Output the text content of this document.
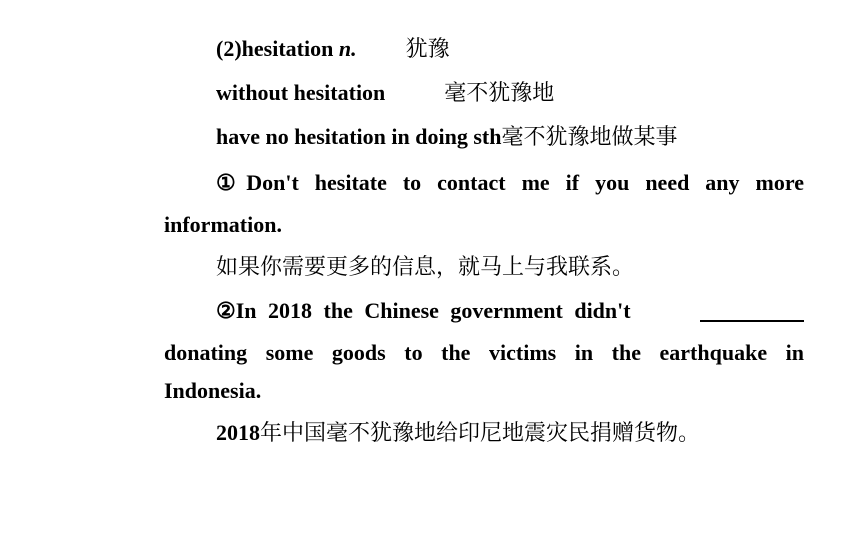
(2)hesitation n. 犹豫
without hesitation	毫不犹豫地
have no hesitation in doing sth毫不犹豫地做某事
①Don't hesitate to contact me if you need any more
information.
如果你需要更多的信息，就马上与我联系。
②In 2018 the Chinese government didn't
donating some goods to the victims in the earthquake in
Indonesia.
2018年中国毫不犹豫地给印尼地震灾民捐赠货物。
